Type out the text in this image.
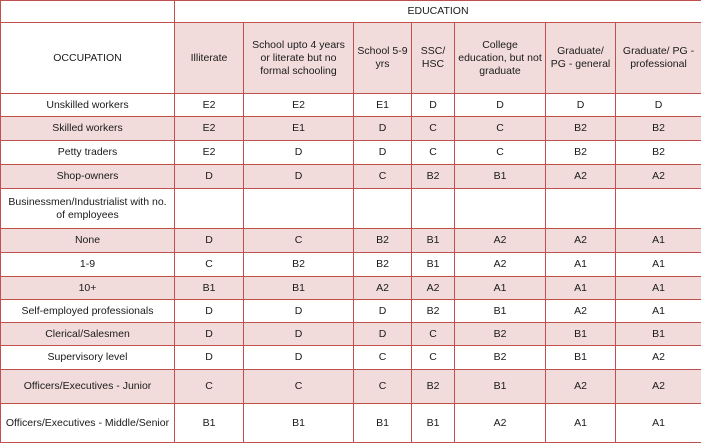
	EDUCATION						
OCCUPATION	Illiterate	School upto 4 years or literate but no formal schooling	School 5-9 yrs	SSC/ HSC	College education, but not graduate	Graduate/ PG - general	Graduate/ PG - professional
Unskilled workers	E2	E2	E1	D	D	D	D
Skilled workers	E2	E1	D	C	C	B2	B2
Petty traders	E2	D	D	C	C	B2	B2
Shop-owners	D	D	C	B2	B1	A2	A2
Businessmen/Industrialist with no. of employees							
None	D	C	B2	B1	A2	A2	A1
1-9	C	B2	B2	B1	A2	A1	A1
10+	B1	B1	A2	A2	A1	A1	A1
Self-employed professionals	D	D	D	B2	B1	A2	A1
Clerical/Salesmen	D	D	D	C	B2	B1	B1
Supervisory level	D	D	C	C	B2	B1	A2
Officers/Executives - Junior	C	C	C	B2	B1	A2	A2
Officers/Executives - Middle/Senior	B1	B1	B1	B1	A2	A1	A1
